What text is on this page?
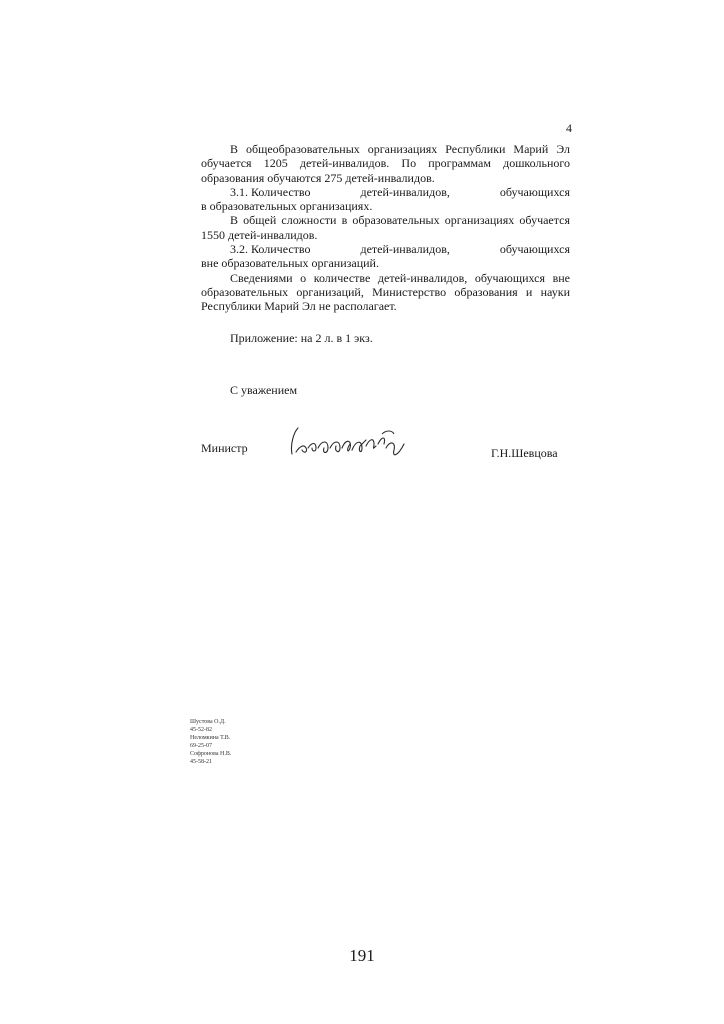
4

В общеобразовательных организациях Республики Марий Эл обучается 1205 детей-инвалидов. По программам дошкольного образования обучаются 275 детей-инвалидов.

3.1. Количество	детей-инвалидов,	обучающихся

в образовательных организациях.

В общей сложности в образовательных организациях обучается 1550 детей-инвалидов.

3.2. Количество	детей-инвалидов,	обучающихся

вне образовательных организаций.

Сведениями о количестве детей-инвалидов, обучающихся вне образовательных организаций, Министерство образования и науки Республики Марий Эл не располагает.

Приложение: на 2 л. в 1 экз.
С уважением
Министр	Г.Н.Шевцова
Шустова О.Д.
45-52-82
Неломкина Т.В.
69-25-07
Софронова Н.В.
45-58-21
191
